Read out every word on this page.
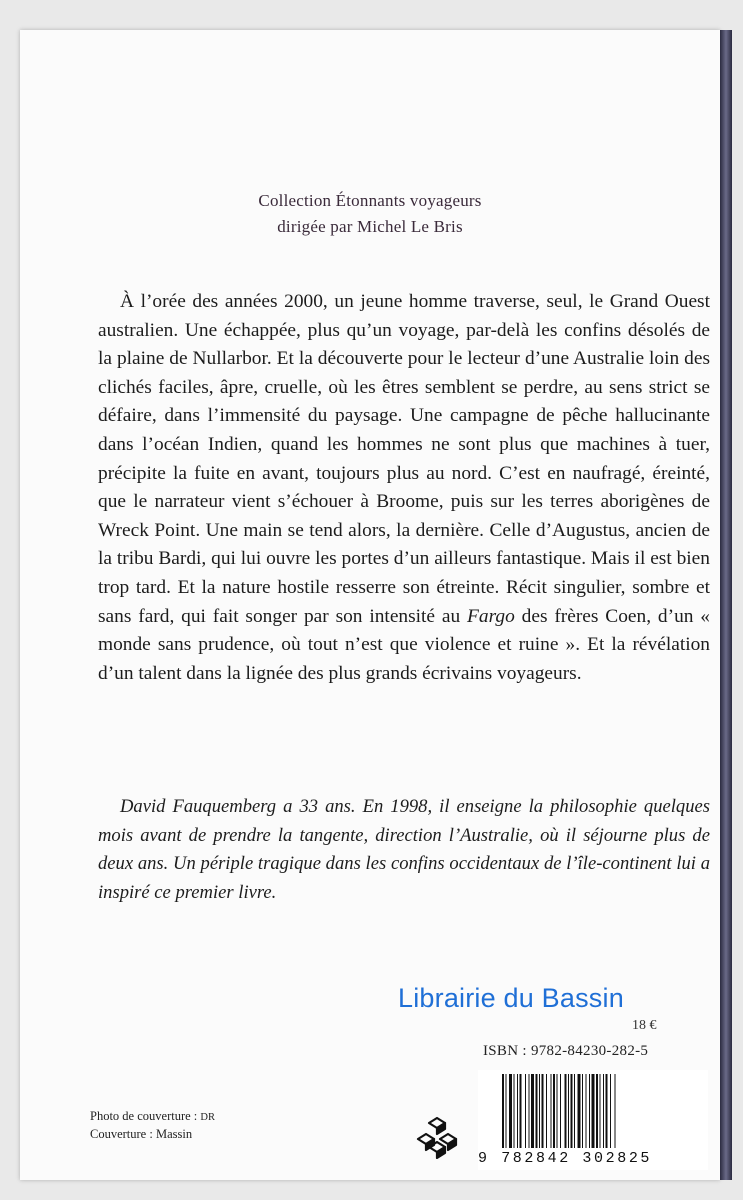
Collection Étonnants voyageurs
dirigée par Michel Le Bris

À l’orée des années 2000, un jeune homme traverse, seul, le Grand Ouest australien. Une échappée, plus qu’un voyage, par-delà les confins désolés de la plaine de Nullarbor. Et la découverte pour le lecteur d’une Australie loin des clichés faciles, âpre, cruelle, où les êtres semblent se perdre, au sens strict se défaire, dans l’immensité du paysage. Une campagne de pêche hallucinante dans l’océan Indien, quand les hommes ne sont plus que machines à tuer, précipite la fuite en avant, toujours plus au nord. C’est en naufragé, éreinté, que le narrateur vient s’échouer à Broome, puis sur les terres aborigènes de Wreck Point. Une main se tend alors, la dernière. Celle d’Augustus, ancien de la tribu Bardi, qui lui ouvre les portes d’un ailleurs fantastique. Mais il est bien trop tard. Et la nature hostile resserre son étreinte. Récit singulier, sombre et sans fard, qui fait songer par son intensité au Fargo des frères Coen, d’un « monde sans prudence, où tout n’est que violence et ruine ». Et la révélation d’un talent dans la lignée des plus grands écrivains voyageurs.

David Fauquemberg a 33 ans. En 1998, il enseigne la philosophie quelques mois avant de prendre la tangente, direction l’Australie, où il séjourne plus de deux ans. Un périple tragique dans les confins occidentaux de l’île-continent lui a inspiré ce premier livre.

Photo de couverture : DR
Couverture : Massin
18 €
ISBN : 9782-84230-282-5
9 782842 302825
Librairie du Bassin
